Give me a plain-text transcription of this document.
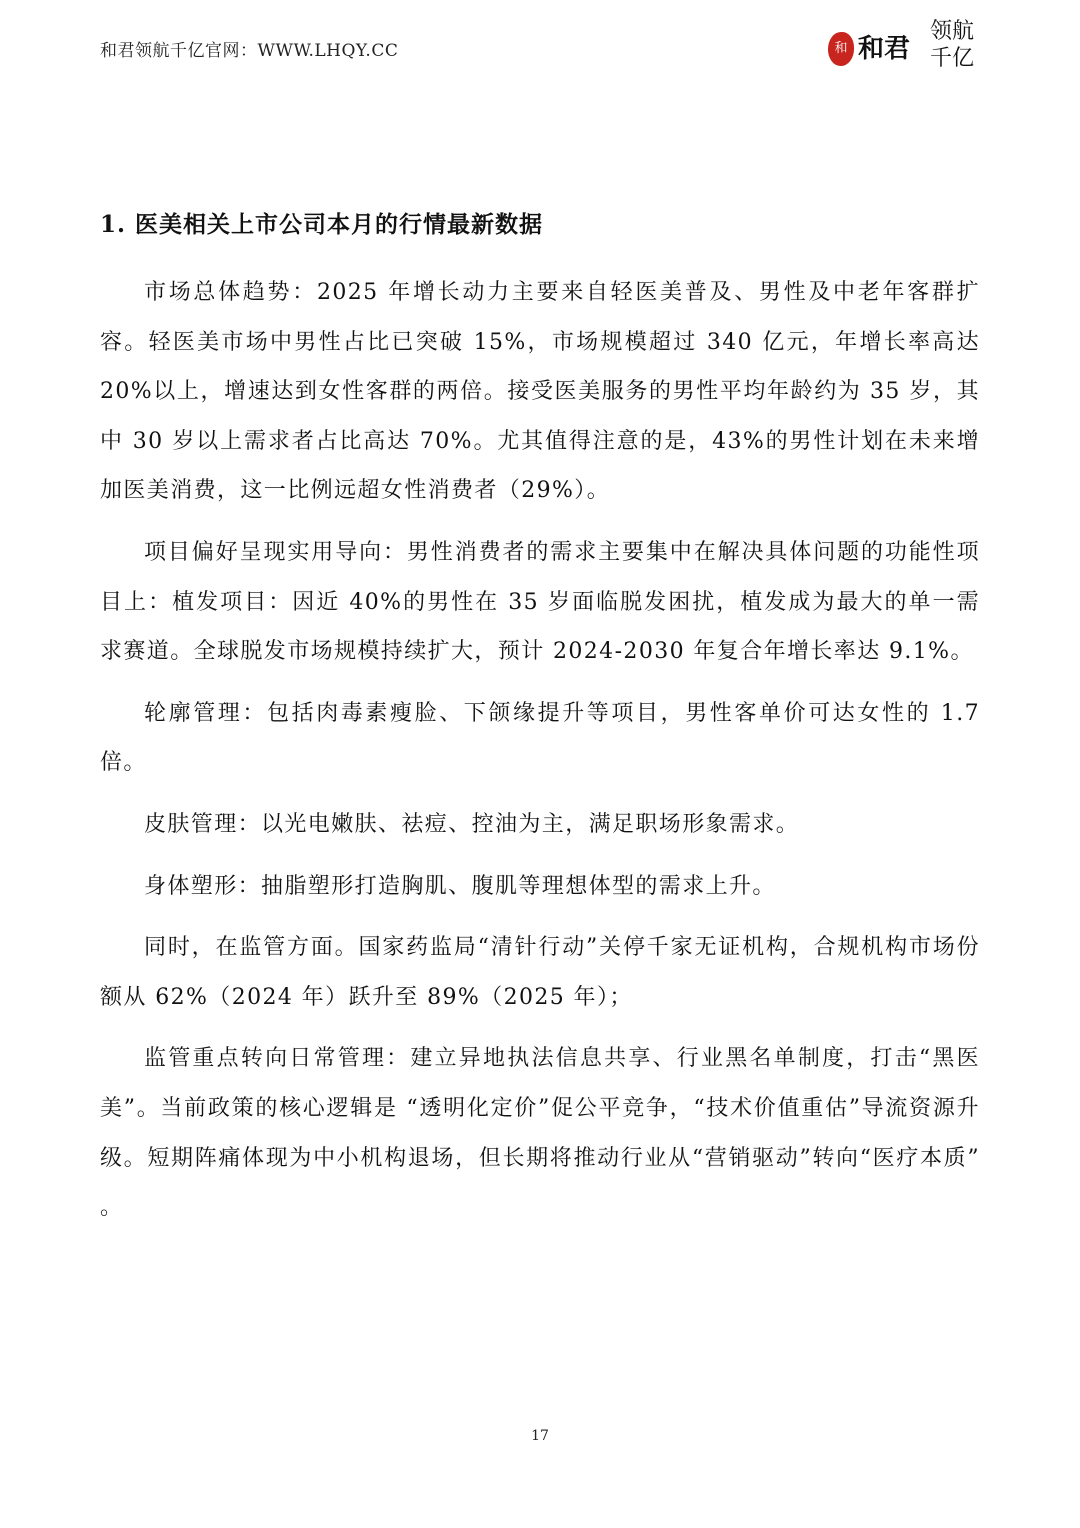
和君领航千亿官网：WWW.LHQY.CC	和 和君
领航千亿
1. 医美相关上市公司本月的行情最新数据

市场总体趋势：2025 年增长动力主要来自轻医美普及、男性及中老年客群扩容。轻医美市场中男性占比已突破 15%，市场规模超过 340 亿元，年增长率高达 20%以上，增速达到女性客群的两倍。接受医美服务的男性平均年龄约为 35 岁，其中 30 岁以上需求者占比高达 70%。尤其值得注意的是，43%的男性计划在未来增加医美消费，这一比例远超女性消费者（29%）。

项目偏好呈现实用导向：男性消费者的需求主要集中在解决具体问题的功能性项目上：植发项目：因近 40%的男性在 35 岁面临脱发困扰，植发成为最大的单一需求赛道。全球脱发市场规模持续扩大，预计 2024-2030 年复合年增长率达 9.1%。

轮廓管理：包括肉毒素瘦脸、下颌缘提升等项目，男性客单价可达女性的 1.7 倍。

皮肤管理：以光电嫩肤、祛痘、控油为主，满足职场形象需求。

身体塑形：抽脂塑形打造胸肌、腹肌等理想体型的需求上升。

同时，在监管方面。国家药监局“清针行动”关停千家无证机构，合规机构市场份额从 62%（2024 年）跃升至 89%（2025 年）；

监管重点转向日常管理：建立异地执法信息共享、行业黑名单制度，打击“黑医美”。当前政策的核心逻辑是 “透明化定价”促公平竞争，“技术价值重估”导流资源升级。短期阵痛体现为中小机构退场，但长期将推动行业从“营销驱动”转向“医疗本质” 。

17
